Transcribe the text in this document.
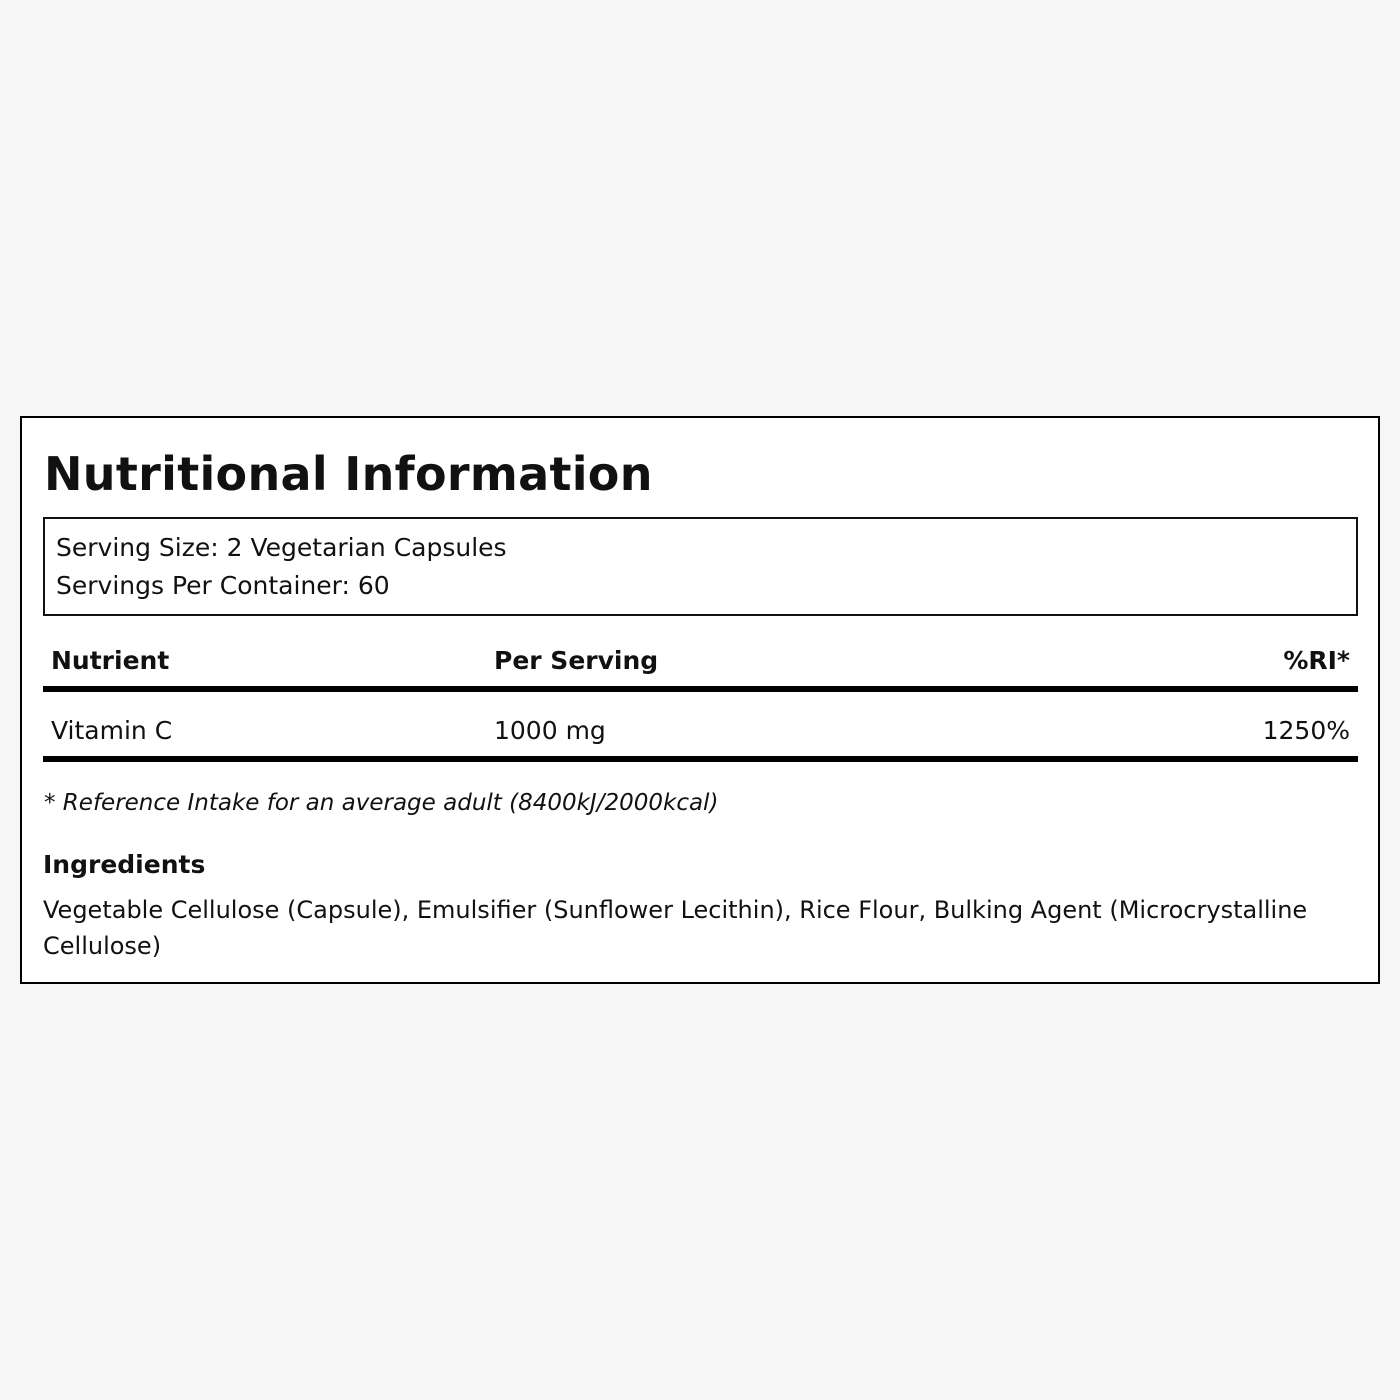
Nutritional Information
Serving Size: 2 Vegetarian Capsules
Servings Per Container: 60
Nutrient	Per Serving	%RI*
Vitamin C	1000 mg	1250%
* Reference Intake for an average adult (8400kJ/2000kcal)
Ingredients
Vegetable Cellulose (Capsule), Emulsifier (Sunflower Lecithin), Rice Flour, Bulking Agent (Microcrystalline Cellulose)
